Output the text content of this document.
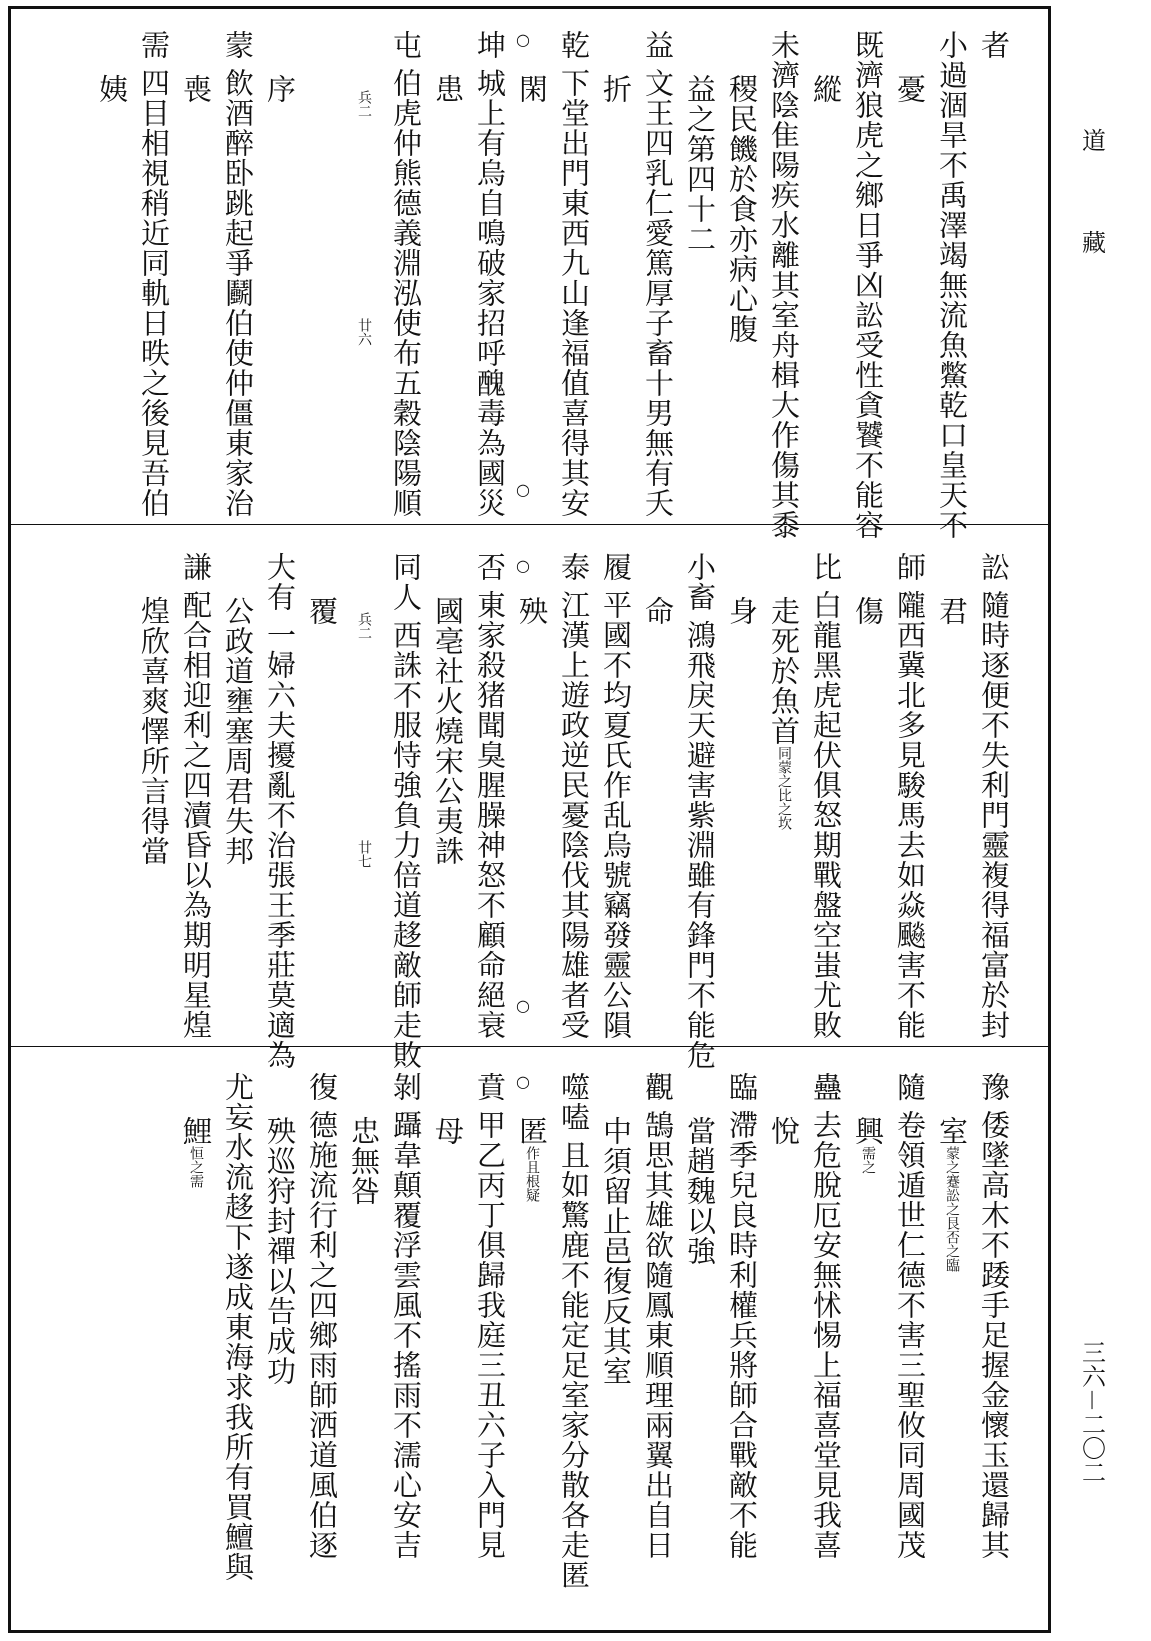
道
藏
三六－二〇二
者
小過涸旱不禹澤竭無流魚鱉乾口皇天不
憂
既濟狼虎之鄉日爭凶訟受性貪饕不能容
縱
未濟陰隹陽疾水離其室舟楫大作傷其黍
稷民饑於食亦病心腹
益之第四十二
益
文王四乳仁愛篤厚子畜十男無有夭
折
乾
下堂出門東西九山逢福值喜得其安
閑
坤
城上有烏自鳴破家招呼醜毒為國災
患
屯
伯虎仲熊德義淵泓使布五穀陰陽順
兵二
廿六
序
蒙
飲酒醉卧跳起爭鬬伯使仲僵東家治
喪
需
四目相視稍近同軌日昳之後見吾伯
姨
訟
隨時逐便不失利門靈複得福富於封
君
師
隴西冀北多見駿馬去如焱飈害不能
傷
比
白龍黑虎起伏俱怒期戰盤空蚩尤敗
走死於魚首
同蒙之比之坎
身
小畜
鴻飛戾天避害紫淵雖有鋒門不能危
命
履
平國不均夏氏作乱烏號竊發靈公隕
泰
江漢上遊政逆民憂陰伐其陽雄者受
殃
否
東家殺猪聞臭腥臊神怒不顧命絕衰
國亳社火燒宋公夷誅
同人
西誅不服恃強負力倍道趍敵師走敗
兵二
廿七
覆
大有
一婦六夫擾亂不治張王季莊莫適為
公政道壅塞周君失邦
謙
配合相迎利之四瀆昏以為期明星煌
煌欣喜爽懌所言得當
豫
倭墜高木不踒手足握金懷玉還歸其
室
蒙之蹇訟之艮否之臨
隨
卷領遁世仁德不害三聖攸同周國茂
興
需之
蠱
去危脫厄安無怵惕上福喜堂見我喜
悅
臨
滯季兒良時利權兵將師合戰敵不能
當趙魏以強
觀
鵠思其雄欲隨鳳東順理兩翼出自日
中須留止邑復反其室
噬嗑
且如驚鹿不能定足室家分散各走匿
匿
作且根疑
賁
甲乙丙丁俱歸我庭三丑六子入門見
母
剝
躡韋顛覆浮雲風不搖雨不濡心安吉
忠無咎
復
德施流行利之四鄉雨師洒道風伯逐
殃巡狩封禪以告成功
尤妄水流趍下遂成東海求我所有買鱣與
鯉
恒之需
○
○
○
○
○
